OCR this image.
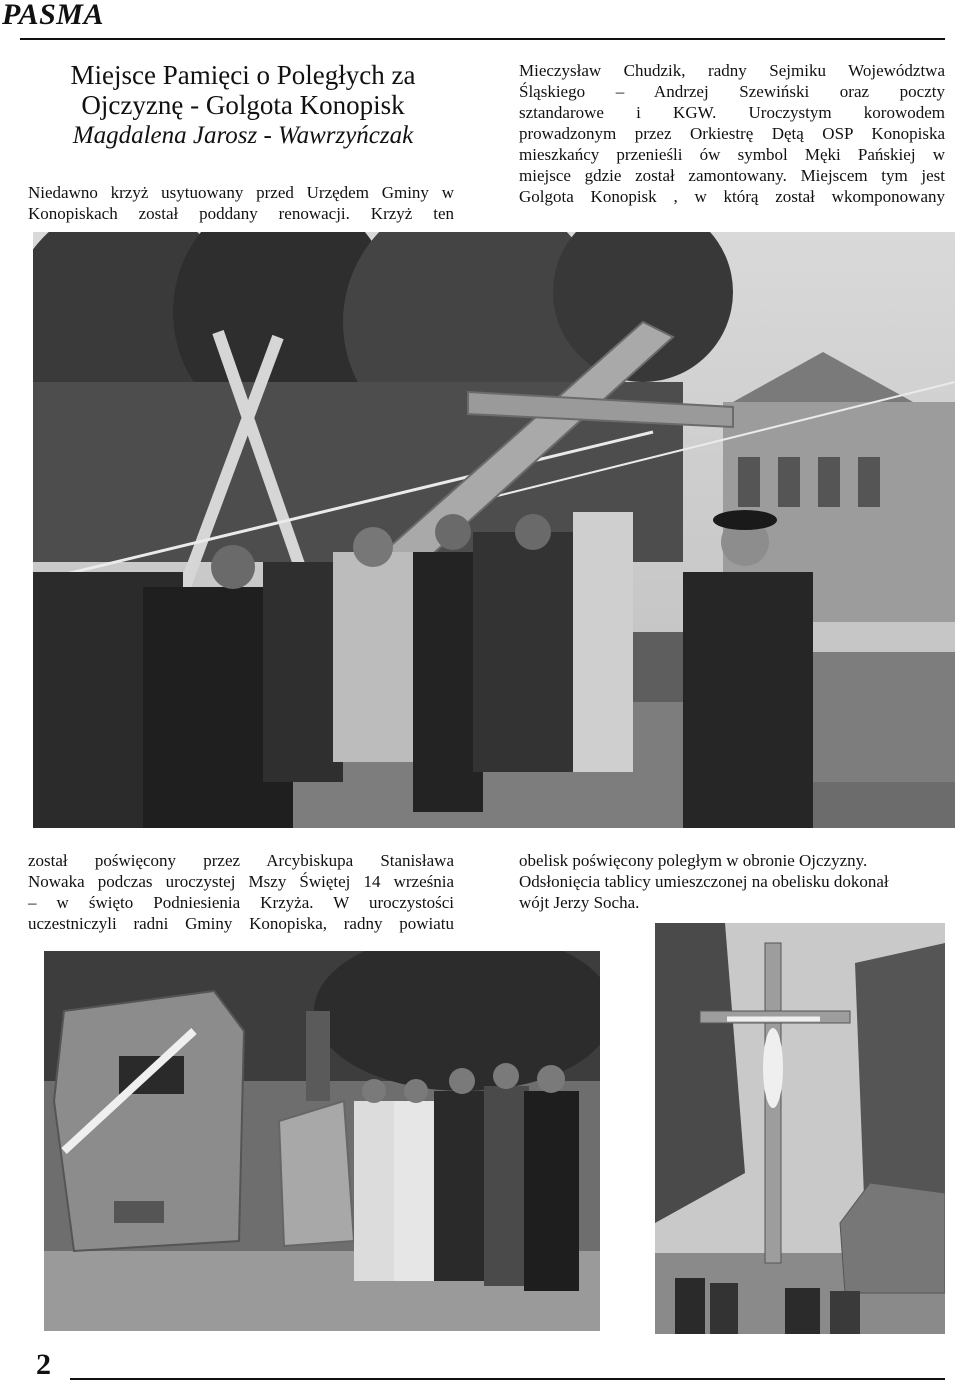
PASMA
Miejsce Pamięci o Poległych za
Ojczyznę - Golgota Konopisk
Magdalena Jarosz - Wawrzyńczak
Niedawno krzyż usytuowany przed Urzędem Gminy w
Konopiskach został poddany renowacji. Krzyż ten
Mieczysław Chudzik, radny Sejmiku Województwa
Śląskiego – Andrzej Szewiński oraz poczty
sztandarowe i KGW. Uroczystym korowodem
prowadzonym przez Orkiestrę Dętą OSP Konopiska
mieszkańcy przenieśli ów symbol Męki Pańskiej w
miejsce gdzie został zamontowany. Miejscem tym jest
Golgota Konopisk , w którą został wkomponowany
został poświęcony przez Arcybiskupa Stanisława
Nowaka podczas uroczystej Mszy Świętej 14 września
– w święto Podniesienia Krzyża. W uroczystości
uczestniczyli radni Gminy Konopiska, radny powiatu
obelisk poświęcony poległym w obronie Ojczyzny.
Odsłonięcia tablicy umieszczonej na obelisku dokonał
wójt Jerzy Socha.
2
